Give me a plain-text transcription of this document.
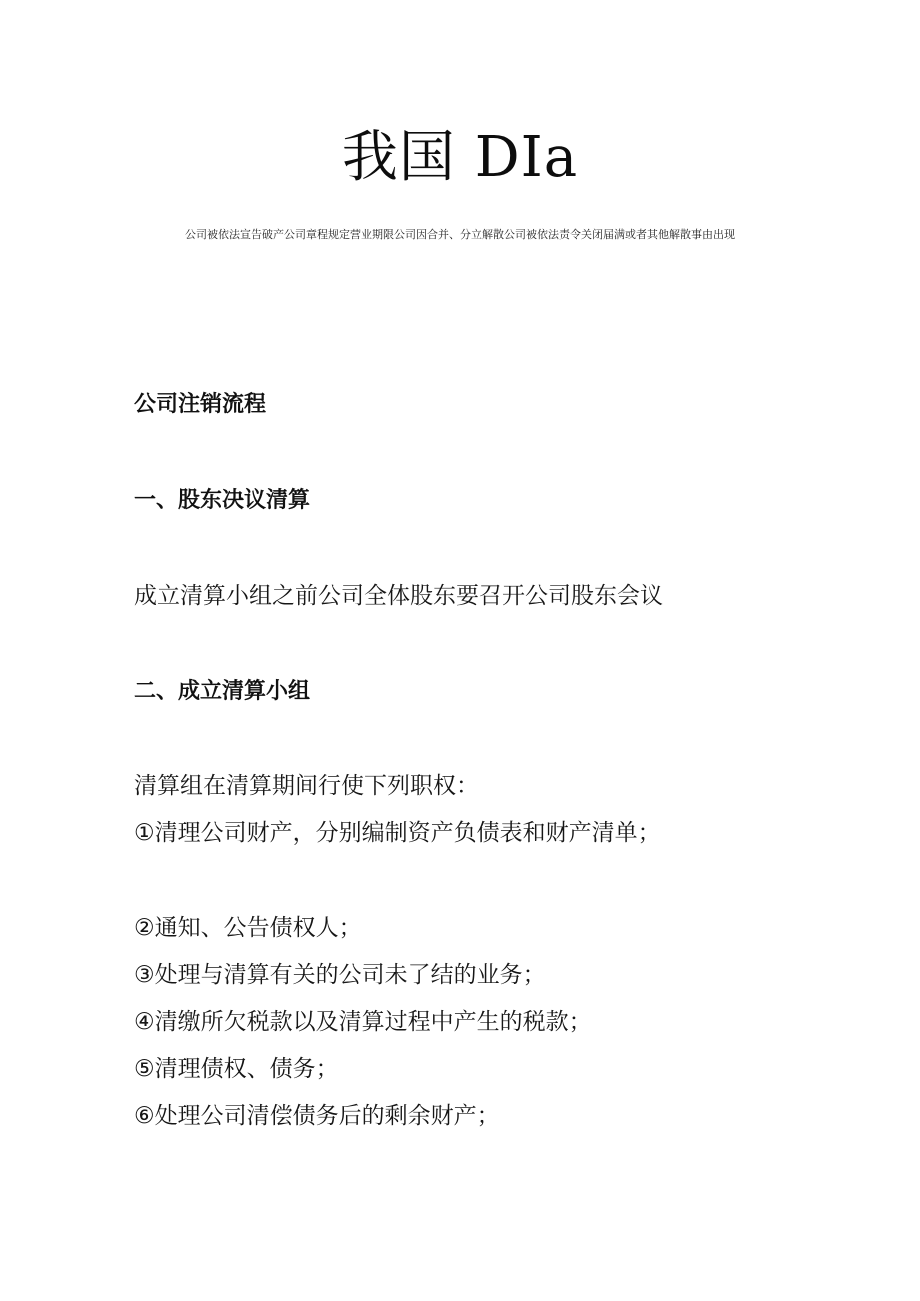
我国 DIa
公司被依法宣告破产公司章程规定营业期限公司因合并、分立解散公司被依法责令关闭届满或者其他解散事由出现
公司注销流程
一、股东决议清算
成立清算小组之前公司全体股东要召开公司股东会议
二、成立清算小组
清算组在清算期间行使下列职权：
①清理公司财产，分别编制资产负债表和财产清单；
②通知、公告债权人；
③处理与清算有关的公司未了结的业务；
④清缴所欠税款以及清算过程中产生的税款；
⑤清理债权、债务；
⑥处理公司清偿债务后的剩余财产；
